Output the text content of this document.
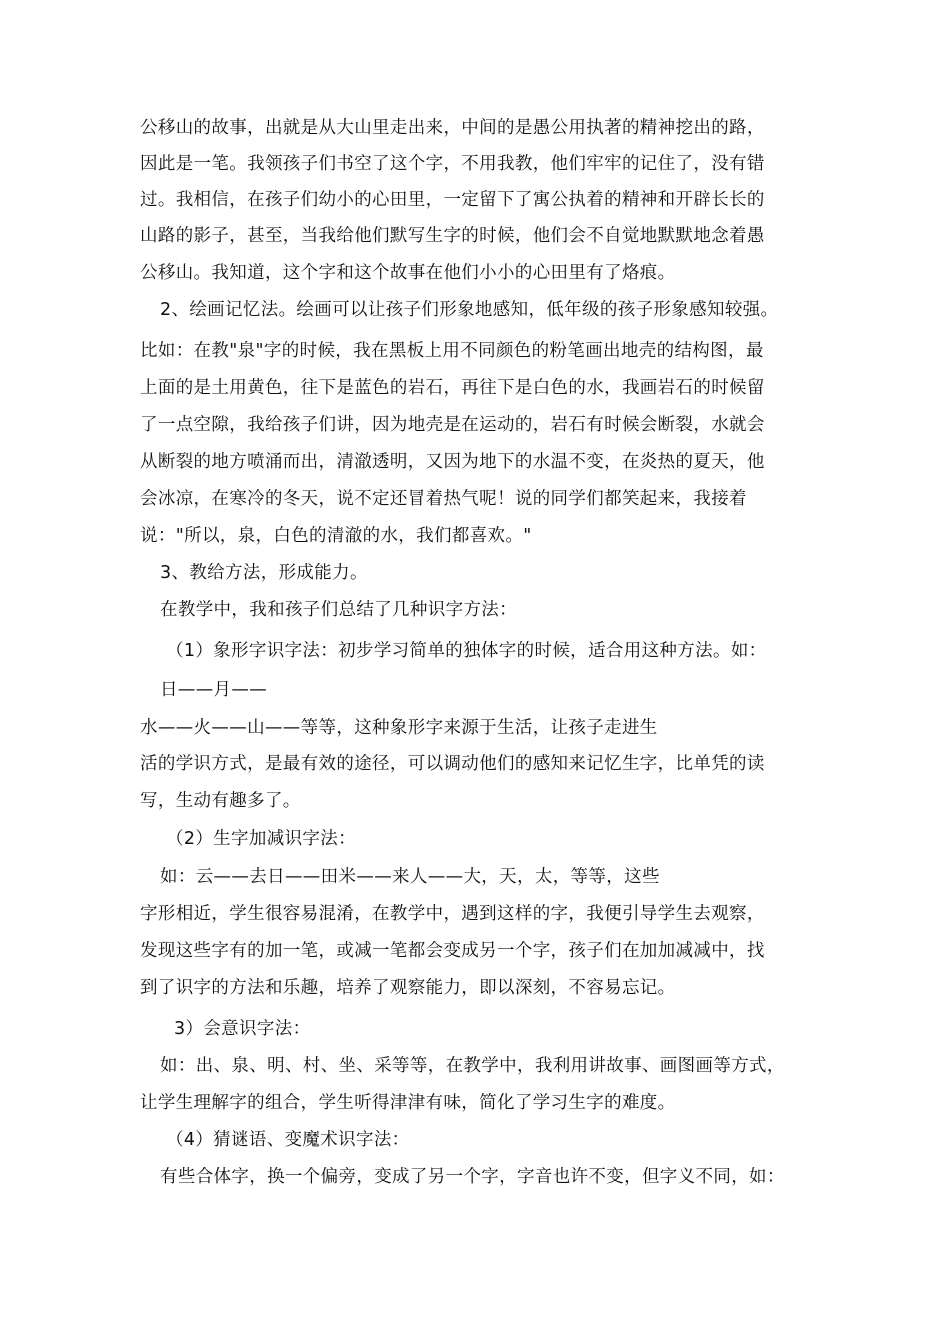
公移山的故事，出就是从大山里走出来，中间的是愚公用执著的精神挖出的路，
因此是一笔。我领孩子们书空了这个字，不用我教，他们牢牢的记住了，没有错
过。我相信，在孩子们幼小的心田里，一定留下了寓公执着的精神和开辟长长的
山路的影子，甚至，当我给他们默写生字的时候，他们会不自觉地默默地念着愚
公移山。我知道，这个字和这个故事在他们小小的心田里有了烙痕。
2、绘画记忆法。绘画可以让孩子们形象地感知，低年级的孩子形象感知较强。
比如：在教"泉"字的时候，我在黑板上用不同颜色的粉笔画出地壳的结构图，最
上面的是土用黄色，往下是蓝色的岩石，再往下是白色的水，我画岩石的时候留
了一点空隙，我给孩子们讲，因为地壳是在运动的，岩石有时候会断裂，水就会
从断裂的地方喷涌而出，清澈透明，又因为地下的水温不变，在炎热的夏天，他
会冰凉，在寒冷的冬天，说不定还冒着热气呢！说的同学们都笑起来，我接着
说："所以，泉，白色的清澈的水，我们都喜欢。"
3、教给方法，形成能力。
在教学中，我和孩子们总结了几种识字方法：
（1）象形字识字法：初步学习简单的独体字的时候，适合用这种方法。如：
日——月——
水——火——山——等等，这种象形字来源于生活，让孩子走进生
活的学识方式，是最有效的途径，可以调动他们的感知来记忆生字，比单凭的读
写，生动有趣多了。
（2）生字加减识字法：
如：云——去日——田米——来人——大，天，太，等等，这些
字形相近，学生很容易混淆，在教学中，遇到这样的字，我便引导学生去观察，
发现这些字有的加一笔，或减一笔都会变成另一个字，孩子们在加加减减中，找
到了识字的方法和乐趣，培养了观察能力，即以深刻，不容易忘记。
3）会意识字法：
如：出、泉、明、村、坐、采等等，在教学中，我利用讲故事、画图画等方式，
让学生理解字的组合，学生听得津津有味，简化了学习生字的难度。
（4）猜谜语、变魔术识字法：
有些合体字，换一个偏旁，变成了另一个字，字音也许不变，但字义不同，如：
